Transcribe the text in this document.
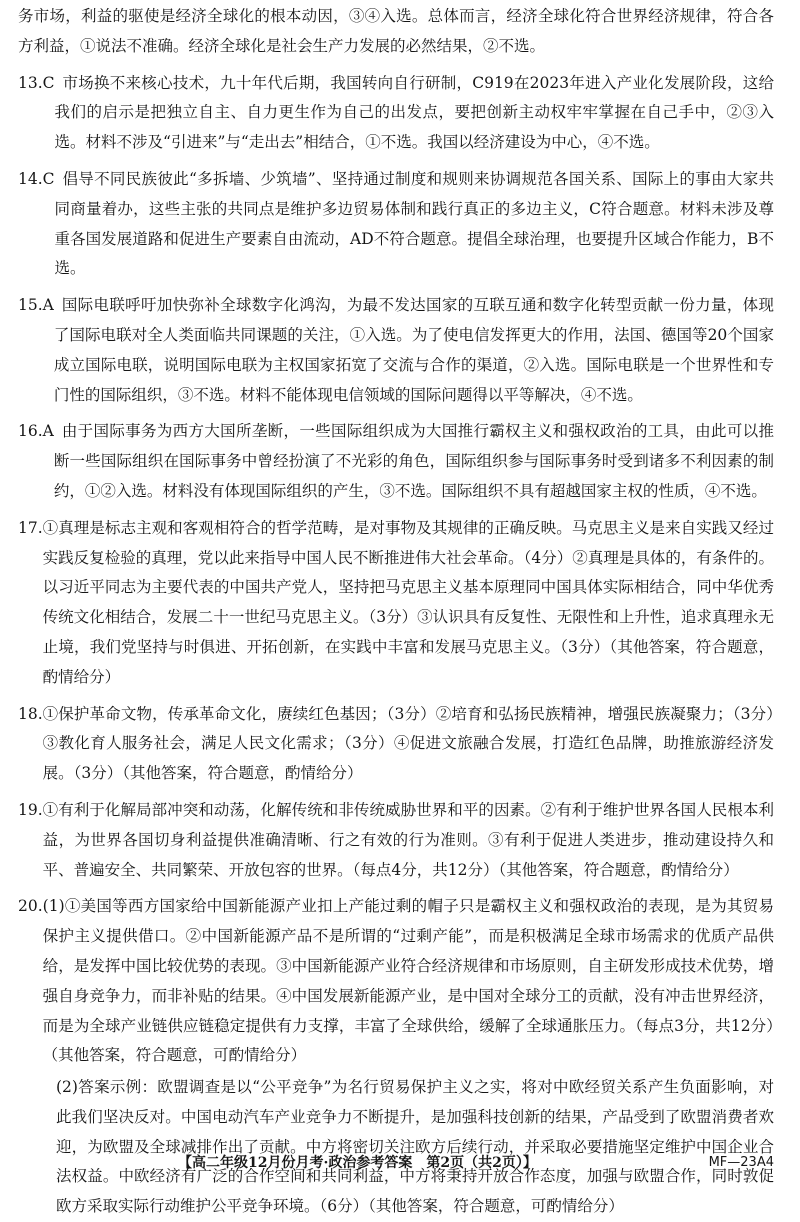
务市场，利益的驱使是经济全球化的根本动因，③④入选。总体而言，经济全球化符合世界经济规律，符合各方利益，①说法不准确。经济全球化是社会生产力发展的必然结果，②不选。

13.C 市场换不来核心技术，九十年代后期，我国转向自行研制，C919在2023年进入产业化发展阶段，这给我们的启示是把独立自主、自力更生作为自己的出发点，要把创新主动权牢牢掌握在自己手中，②③入选。材料不涉及“引进来”与“走出去”相结合，①不选。我国以经济建设为中心，④不选。

14.C 倡导不同民族彼此“多拆墙、少筑墙”、坚持通过制度和规则来协调规范各国关系、国际上的事由大家共同商量着办，这些主张的共同点是维护多边贸易体制和践行真正的多边主义，C符合题意。材料未涉及尊重各国发展道路和促进生产要素自由流动，AD不符合题意。提倡全球治理，也要提升区域合作能力，B不选。

15.A 国际电联呼吁加快弥补全球数字化鸿沟，为最不发达国家的互联互通和数字化转型贡献一份力量，体现了国际电联对全人类面临共同课题的关注，①入选。为了使电信发挥更大的作用，法国、德国等20个国家成立国际电联，说明国际电联为主权国家拓宽了交流与合作的渠道，②入选。国际电联是一个世界性和专门性的国际组织，③不选。材料不能体现电信领域的国际问题得以平等解决，④不选。

16.A 由于国际事务为西方大国所垄断，一些国际组织成为大国推行霸权主义和强权政治的工具，由此可以推断一些国际组织在国际事务中曾经扮演了不光彩的角色，国际组织参与国际事务时受到诸多不利因素的制约，①②入选。材料没有体现国际组织的产生，③不选。国际组织不具有超越国家主权的性质，④不选。

17. ①真理是标志主观和客观相符合的哲学范畴，是对事物及其规律的正确反映。马克思主义是来自实践又经过实践反复检验的真理，党以此来指导中国人民不断推进伟大社会革命。（4分）②真理是具体的，有条件的。以习近平同志为主要代表的中国共产党人，坚持把马克思主义基本原理同中国具体实际相结合，同中华优秀传统文化相结合，发展二十一世纪马克思主义。（3分）③认识具有反复性、无限性和上升性，追求真理永无止境，我们党坚持与时俱进、开拓创新，在实践中丰富和发展马克思主义。（3分）（其他答案，符合题意，酌情给分）

18. ①保护革命文物，传承革命文化，赓续红色基因；（3分）②培育和弘扬民族精神，增强民族凝聚力；（3分）③教化育人服务社会，满足人民文化需求；（3分）④促进文旅融合发展，打造红色品牌，助推旅游经济发展。（3分）（其他答案，符合题意，酌情给分）

19. ①有利于化解局部冲突和动荡，化解传统和非传统威胁世界和平的因素。②有利于维护世界各国人民根本利益，为世界各国切身利益提供准确清晰、行之有效的行为准则。③有利于促进人类进步，推动建设持久和平、普遍安全、共同繁荣、开放包容的世界。（每点4分，共12分）（其他答案，符合题意，酌情给分）

20. (1)①美国等西方国家给中国新能源产业扣上产能过剩的帽子只是霸权主义和强权政治的表现，是为其贸易保护主义提供借口。②中国新能源产品不是所谓的“过剩产能”，而是积极满足全球市场需求的优质产品供给，是发挥中国比较优势的表现。③中国新能源产业符合经济规律和市场原则，自主研发形成技术优势，增强自身竞争力，而非补贴的结果。④中国发展新能源产业，是中国对全球分工的贡献，没有冲击世界经济，而是为全球产业链供应链稳定提供有力支撑，丰富了全球供给，缓解了全球通胀压力。（每点3分，共12分）（其他答案，符合题意，可酌情给分）

(2)答案示例：欧盟调查是以“公平竞争”为名行贸易保护主义之实，将对中欧经贸关系产生负面影响，对此我们坚决反对。中国电动汽车产业竞争力不断提升，是加强科技创新的结果，产品受到了欧盟消费者欢迎，为欧盟及全球减排作出了贡献。中方将密切关注欧方后续行动，并采取必要措施坚定维护中国企业合法权益。中欧经济有广泛的合作空间和共同利益，中方将秉持开放合作态度，加强与欧盟合作，同时敦促欧方采取实际行动维护公平竞争环境。（6分）（其他答案，符合题意，可酌情给分）

【高二年级12月份月考·政治参考答案　第2页（共2页）】	MF—23A4
